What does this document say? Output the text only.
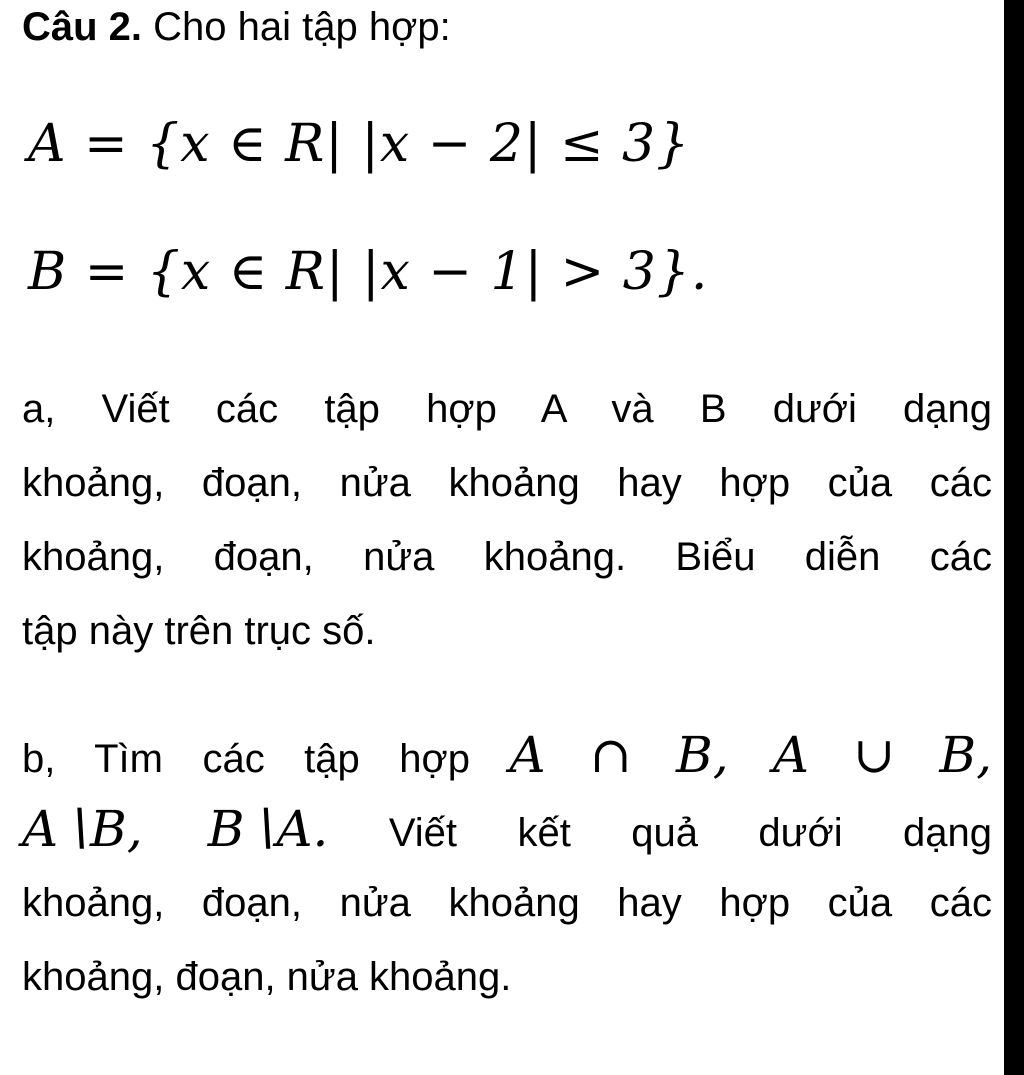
Câu 2. Cho hai tập hợp:
A = {x ∈ R| |x − 2| ≤ 3}
B = {x ∈ R| |x − 1| > 3}.
a, Viết các tập hợp A và B dưới dạng
khoảng, đoạn, nửa khoảng hay hợp của các
khoảng, đoạn, nửa khoảng. Biểu diễn các
tập này trên trục số.
b, Tìm các tập hợp A ∩ B, A ∪ B,
A∖B, B∖A. Viết kết quả dưới dạng
khoảng, đoạn, nửa khoảng hay hợp của các
khoảng, đoạn, nửa khoảng.
